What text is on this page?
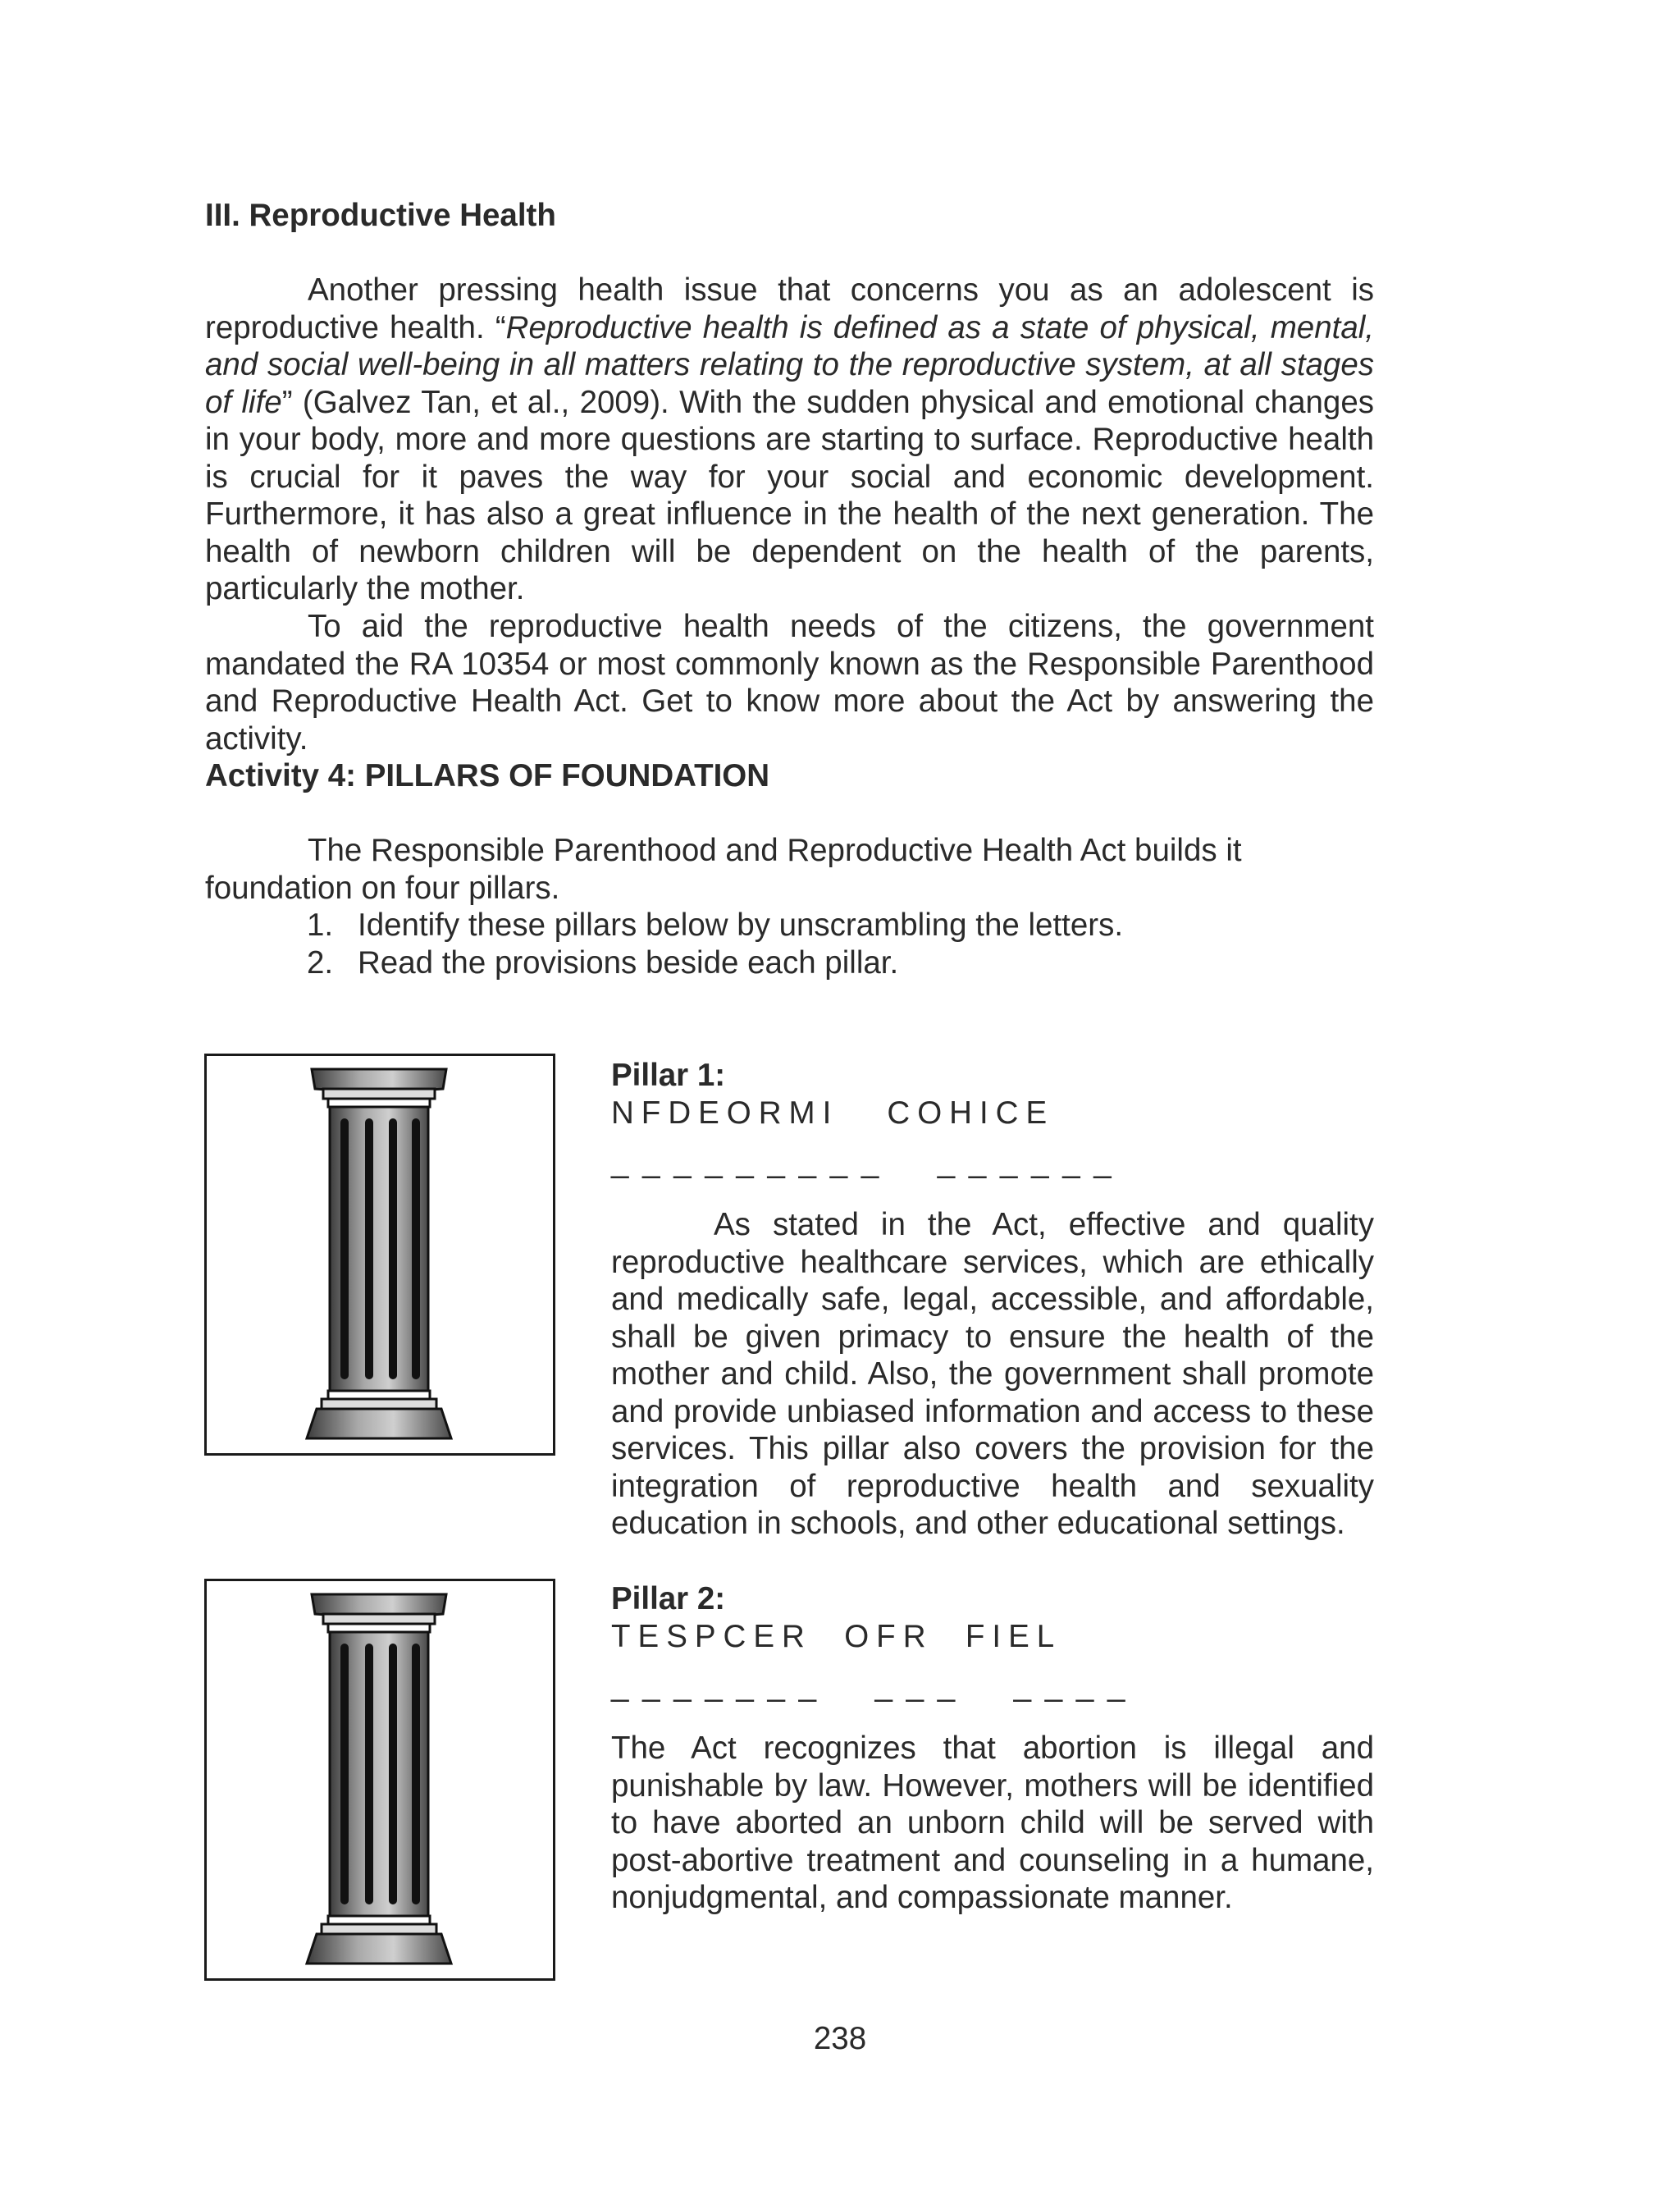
III. Reproductive Health

Another pressing health issue that concerns you as an adolescent is reproductive health. “Reproductive health is defined as a state of physical, mental, and social well-being in all matters relating to the reproductive system, at all stages of life” (Galvez Tan, et al., 2009). With the sudden physical and emotional changes in your body, more and more questions are starting to surface. Reproductive health is crucial for it paves the way for your social and economic development. Furthermore, it has also a great influence in the health of the next generation. The health of newborn children will be dependent on the health of the parents, particularly the mother.

To aid the reproductive health needs of the citizens, the government mandated the RA 10354 or most commonly known as the Responsible Parenthood and Reproductive Health Act. Get to know more about the Act by answering the activity.

Activity 4: PILLARS OF FOUNDATION

The Responsible Parenthood and Reproductive Health Act builds it foundation on four pillars.

1. Identify these pillars below by unscrambling the letters.
2. Read the provisions beside each pillar.
Pillar 1:
NFDEORMI   COHICE
_ _ _ _ _ _ _ _ _     _ _ _ _ _ _

As stated in the Act, effective and quality reproductive healthcare services, which are ethically and medically safe, legal, accessible, and affordable, shall be given primacy to ensure the health of the mother and child. Also, the government shall promote and provide unbiased information and access to these services. This pillar also covers the provision for the integration of reproductive health and sexuality education in schools, and other educational settings.

Pillar 2:
TESPCER  OFR  FIEL
_ _ _ _ _ _ _     _ _ _     _ _ _ _

The Act recognizes that abortion is illegal and punishable by law. However, mothers will be identified to have aborted an unborn child will be served with post-abortive treatment and counseling in a humane, nonjudgmental, and compassionate manner.

238
